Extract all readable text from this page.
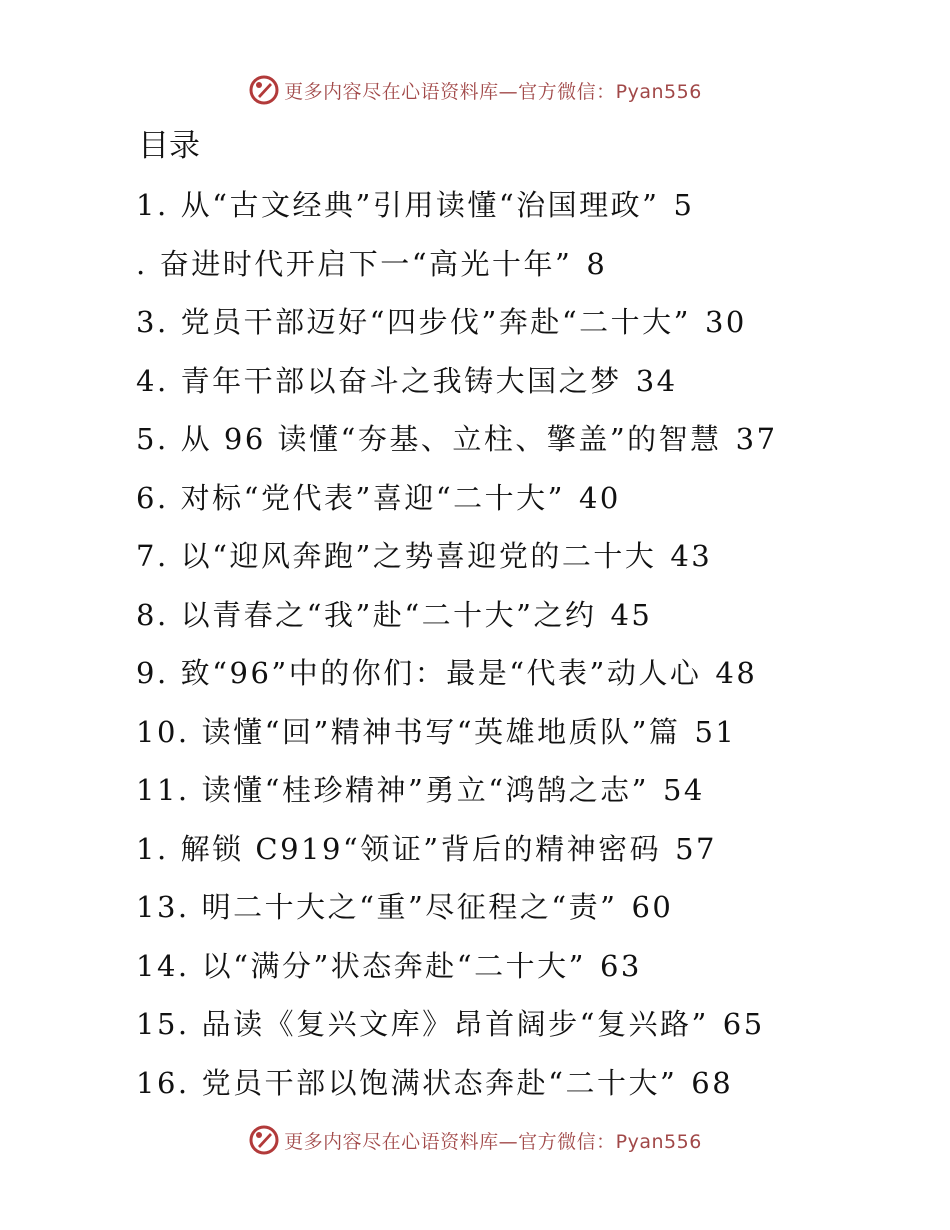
更多内容尽在心语资料库—官方微信：Pyan556
目录
1. 从“古文经典”引用读懂“治国理政” 5
. 奋进时代开启下一“高光十年” 8
3. 党员干部迈好“四步伐”奔赴“二十大” 30
4. 青年干部以奋斗之我铸大国之梦 34
5. 从 96 读懂“夯基、立柱、擎盖”的智慧 37
6. 对标“党代表”喜迎“二十大” 40
7. 以“迎风奔跑”之势喜迎党的二十大 43
8. 以青春之“我”赴“二十大”之约 45
9. 致“96”中的你们：最是“代表”动人心 48
10. 读懂“回”精神书写“英雄地质队”篇 51
11. 读懂“桂珍精神”勇立“鸿鹄之志” 54
1. 解锁 C919“领证”背后的精神密码 57
13. 明二十大之“重”尽征程之“责” 60
14. 以“满分”状态奔赴“二十大” 63
15. 品读《复兴文库》昂首阔步“复兴路” 65
16. 党员干部以饱满状态奔赴“二十大” 68
更多内容尽在心语资料库—官方微信：Pyan556
